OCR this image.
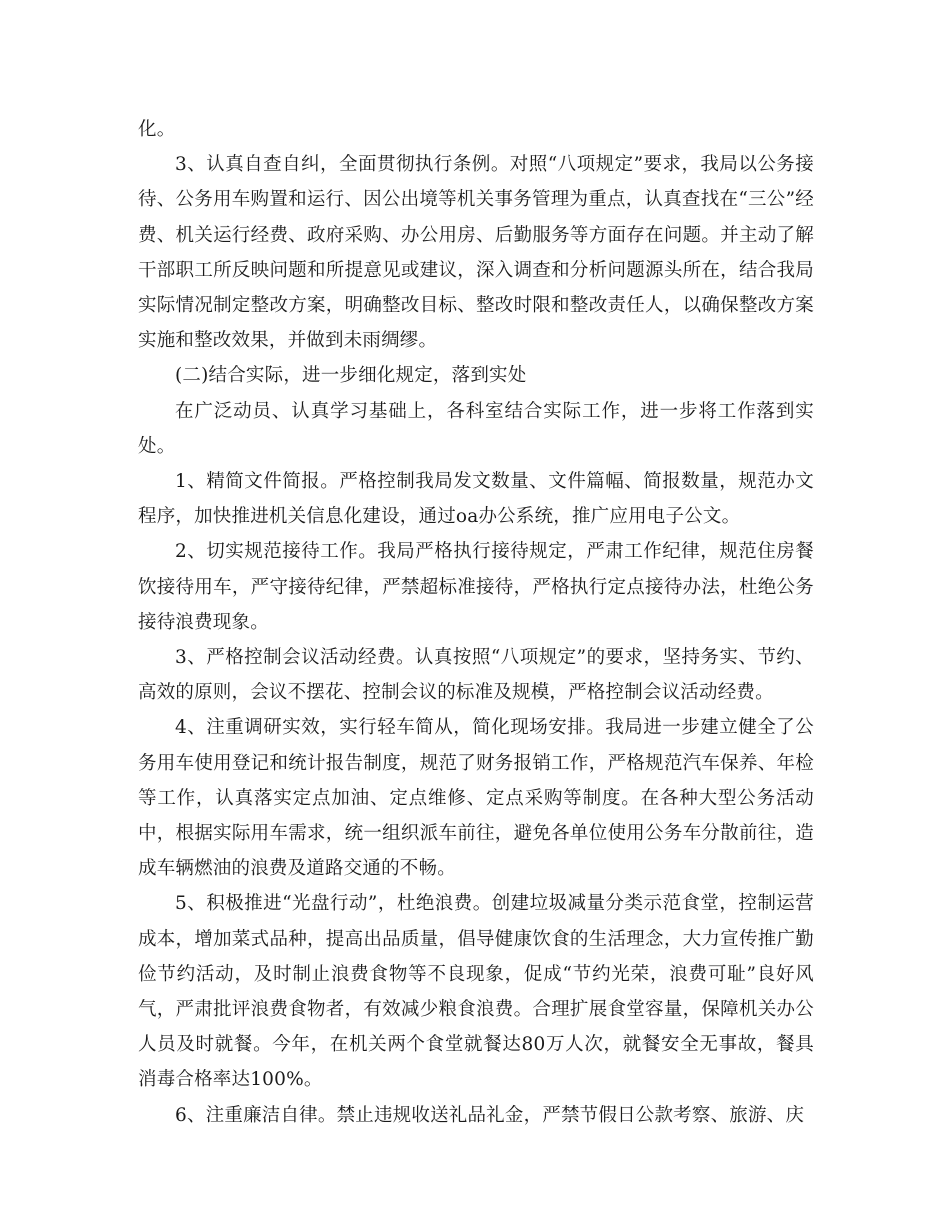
化。

3、认真自查自纠，全面贯彻执行条例。对照“八项规定”要求，我局以公务接待、公务用车购置和运行、因公出境等机关事务管理为重点，认真查找在“三公”经费、机关运行经费、政府采购、办公用房、后勤服务等方面存在问题。并主动了解干部职工所反映问题和所提意见或建议，深入调查和分析问题源头所在，结合我局实际情况制定整改方案，明确整改目标、整改时限和整改责任人，以确保整改方案实施和整改效果，并做到未雨绸缪。

(二)结合实际，进一步细化规定，落到实处

在广泛动员、认真学习基础上，各科室结合实际工作，进一步将工作落到实处。

1、精简文件简报。严格控制我局发文数量、文件篇幅、简报数量，规范办文程序，加快推进机关信息化建设，通过oa办公系统，推广应用电子公文。

2、切实规范接待工作。我局严格执行接待规定，严肃工作纪律，规范住房餐饮接待用车，严守接待纪律，严禁超标准接待，严格执行定点接待办法，杜绝公务接待浪费现象。

3、严格控制会议活动经费。认真按照“八项规定”的要求，坚持务实、节约、高效的原则，会议不摆花、控制会议的标准及规模，严格控制会议活动经费。

4、注重调研实效，实行轻车简从，简化现场安排。我局进一步建立健全了公务用车使用登记和统计报告制度，规范了财务报销工作，严格规范汽车保养、年检等工作，认真落实定点加油、定点维修、定点采购等制度。在各种大型公务活动中，根据实际用车需求，统一组织派车前往，避免各单位使用公务车分散前往，造成车辆燃油的浪费及道路交通的不畅。

5、积极推进“光盘行动”，杜绝浪费。创建垃圾减量分类示范食堂，控制运营成本，增加菜式品种，提高出品质量，倡导健康饮食的生活理念，大力宣传推广勤俭节约活动，及时制止浪费食物等不良现象，促成“节约光荣，浪费可耻”良好风气，严肃批评浪费食物者，有效减少粮食浪费。合理扩展食堂容量，保障机关办公人员及时就餐。今年，在机关两个食堂就餐达80万人次，就餐安全无事故，餐具消毒合格率达100%。

6、注重廉洁自律。禁止违规收送礼品礼金，严禁节假日公款考察、旅游、庆
